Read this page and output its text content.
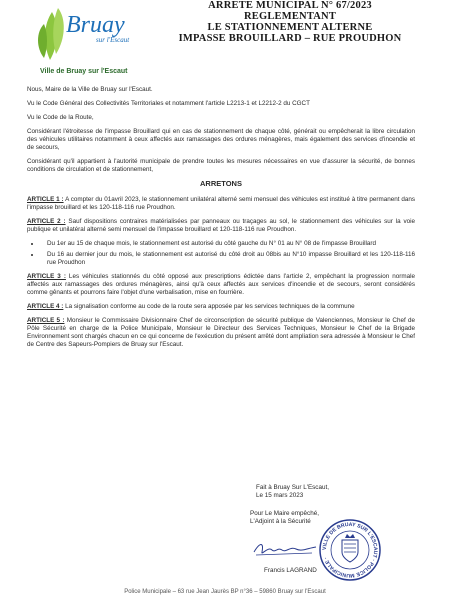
Bruay
sur l'Escaut
Ville de Bruay sur l'Escaut
ARRETE MUNICIPAL N° 67/2023
REGLEMENTANT
LE STATIONNEMENT ALTERNE
IMPASSE BROUILLARD – RUE PROUDHON

Nous, Maire de la Ville de Bruay sur l'Escaut.

Vu le Code Général des Collectivités Territoriales et notamment l'article L2213-1 et L2212-2 du CGCT

Vu le Code de la Route,

Considérant l'étroitesse de l'impasse Brouillard qui en cas de stationnement de chaque côté, générait ou empêcherait la libre circulation des véhicules utilitaires notamment à ceux affectés aux ramassages des ordures ménagères, mais également des services d'incendie et de secours,

Considérant qu'il appartient à l'autorité municipale de prendre toutes les mesures nécessaires en vue d'assurer la sécurité, de bonnes conditions de circulation et de stationnement,

ARRETONS

ARTICLE 1 : A compter du 01avril 2023, le stationnement unilatéral alterné semi mensuel des véhicules est institué à titre permanent dans l'impasse brouillard et les 120-118-116 rue Proudhon.

ARTICLE 2 : Sauf dispositions contraires matérialisées par panneaux ou traçages au sol, le stationnement des véhicules sur la voie publique et unilatéral alterné semi mensuel de l'impasse brouillard et 120-118-116 rue Proudhon.

• Du 1er au 15 de chaque mois, le stationnement est autorisé du côté gauche du N° 01 au N° 08 de l'impasse Brouillard
• Du 16 au dernier jour du mois, le stationnement est autorisé du côté droit au 08bis au N°10 impasse Brouillard et les 120-118-116 rue Proudhon

ARTICLE 3 : Les véhicules stationnés du côté opposé aux prescriptions édictée dans l'article 2, empêchant la progression normale affectés aux ramassages des ordures ménagères, ainsi qu'à ceux affectés aux services d'incendie et de secours, seront considérés comme gênants et pourrons faire l'objet d'une verbalisation, mise en fourrière.

ARTICLE 4 : La signalisation conforme au code de la route sera apposée par les services techniques de la commune

ARTICLE 5 : Monsieur le Commissaire Divisionnaire Chef de circonscription de sécurité publique de Valenciennes, Monsieur le Chef de Pôle Sécurité en charge de la Police Municipale, Monsieur le Directeur des Services Techniques, Monsieur le Chef de la Brigade Environnement sont chargés chacun en ce qui concerne de l'exécution du présent arrêté dont ampliation sera adressée à Monsieur le Chef de Centre des Sapeurs-Pompiers de Bruay sur l'Escaut.

Fait à Bruay Sur L'Escaut,
Le 15 mars 2023
Pour Le Maire empêché,
L'Adjoint à la Sécurité
Francis LAGRAND
VILLE DE BRUAY SUR L'ESCAUT · POLICE MUNICIPALE ·
Police Municipale – 63 rue Jean Jaurès BP n°36 – 59860 Bruay sur l'Escaut
